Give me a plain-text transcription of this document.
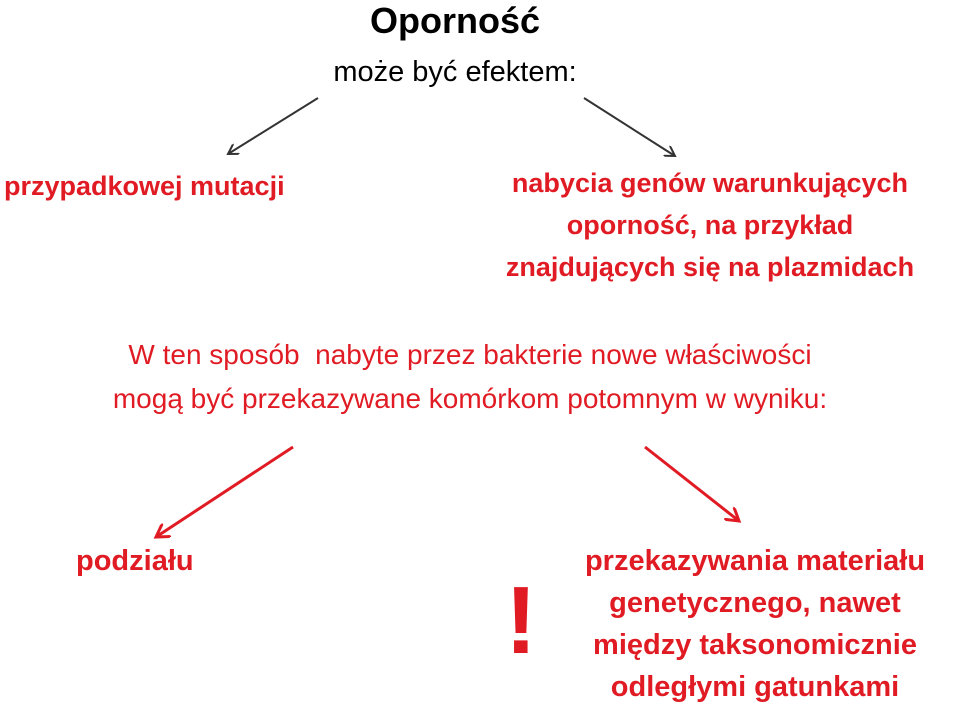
Oporność
może być efektem:
przypadkowej mutacji	nabycia genów warunkujących
oporność, na przykład
znajdujących się na plazmidach
W ten sposób  nabyte przez bakterie nowe właściwości
mogą być przekazywane komórkom potomnym w wyniku:
podziału
!
przekazywania materiału
genetycznego, nawet
między taksonomicznie
odległymi gatunkami
